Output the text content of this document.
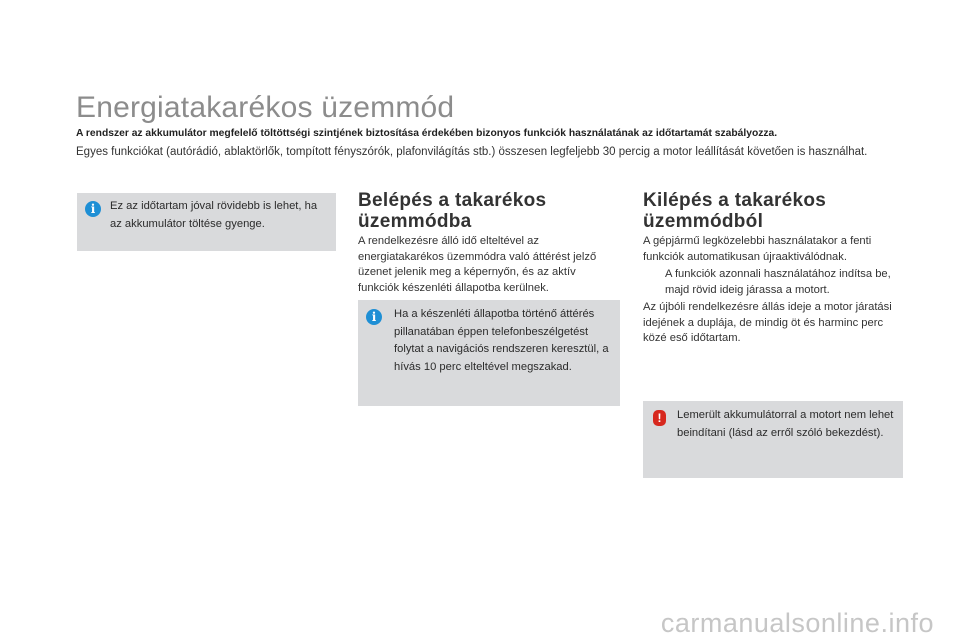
Energiatakarékos üzemmód

A rendszer az akkumulátor megfelelő töltöttségi szintjének biztosítása érdekében bizonyos funkciók használatának az időtartamát szabályozza.

Egyes funkciókat (autórádió, ablaktörlők, tompított fényszórók, plafonvilágítás stb.) összesen legfeljebb 30 percig a motor leállítását követően is használhat.

i	Ez az időtartam jóval rövidebb is lehet, ha az akkumulátor töltése gyenge.

Belépés a takarékos üzemmódba

A rendelkezésre álló idő elteltével az energiatakarékos üzemmódra való áttérést jelző üzenet jelenik meg a képernyőn, és az aktív funkciók készenléti állapotba kerülnek.

i	Ha a készenléti állapotba történő áttérés pillanatában éppen telefonbeszélgetést folytat a navigációs rendszeren keresztül, a hívás 10 perc elteltével megszakad.

Kilépés a takarékos üzemmódból

A gépjármű legközelebbi használatakor a fenti funkciók automatikusan újraaktiválódnak.

A funkciók azonnali használatához indítsa be, majd rövid ideig járassa a motort.

Az újbóli rendelkezésre állás ideje a motor járatási idejének a duplája, de mindig öt és harminc perc közé eső időtartam.

!	Lemerült akkumulátorral a motort nem lehet beindítani (lásd az erről szóló bekezdést).

carmanualsonline.info
